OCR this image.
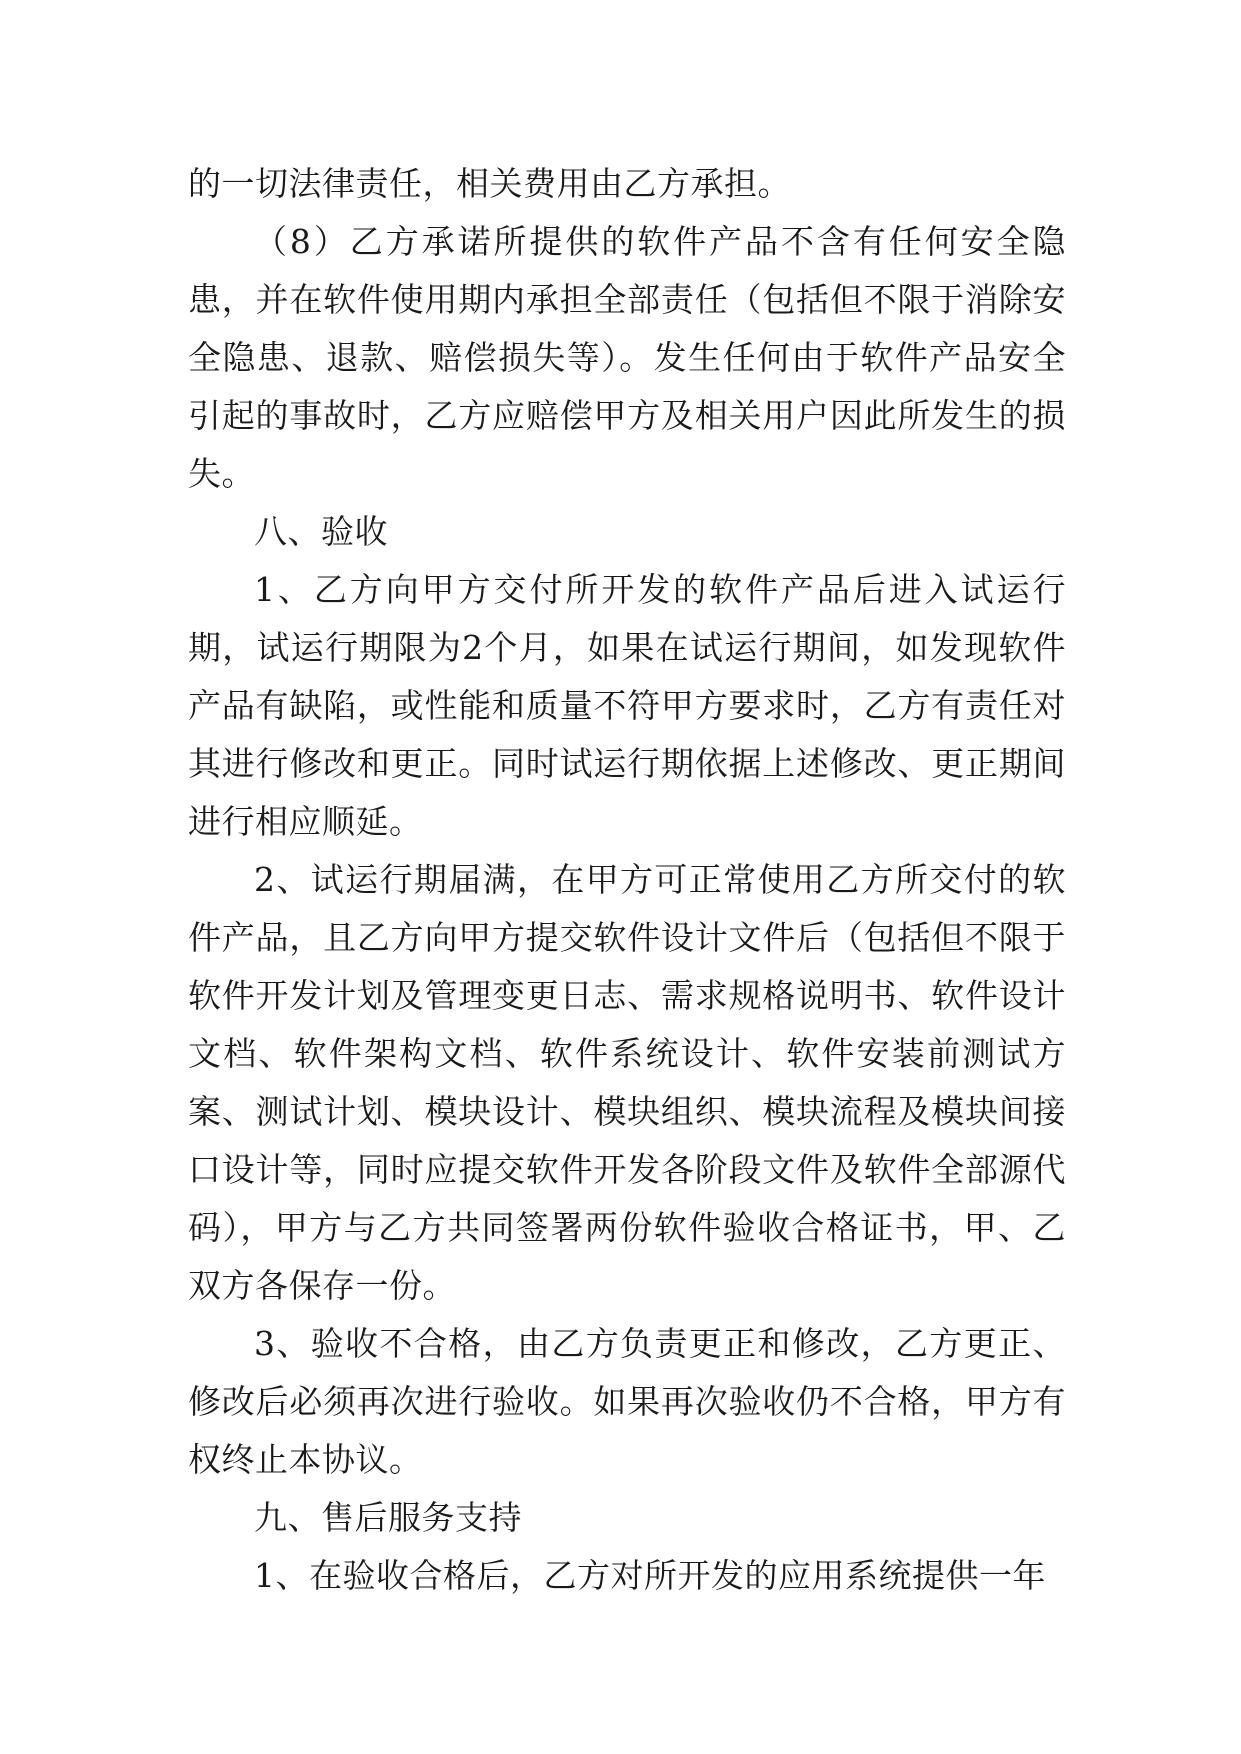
的一切法律责任，相关费用由乙方承担。

（8）乙方承诺所提供的软件产品不含有任何安全隐患，并在软件使用期内承担全部责任（包括但不限于消除安全隐患、退款、赔偿损失等）。发生任何由于软件产品安全引起的事故时，乙方应赔偿甲方及相关用户因此所发生的损失。

八、验收

1、乙方向甲方交付所开发的软件产品后进入试运行期，试运行期限为2个月，如果在试运行期间，如发现软件产品有缺陷，或性能和质量不符甲方要求时，乙方有责任对其进行修改和更正。同时试运行期依据上述修改、更正期间进行相应顺延。

2、试运行期届满，在甲方可正常使用乙方所交付的软件产品，且乙方向甲方提交软件设计文件后（包括但不限于软件开发计划及管理变更日志、需求规格说明书、软件设计文档、软件架构文档、软件系统设计、软件安装前测试方案、测试计划、模块设计、模块组织、模块流程及模块间接口设计等，同时应提交软件开发各阶段文件及软件全部源代码），甲方与乙方共同签署两份软件验收合格证书，甲、乙双方各保存一份。

3、验收不合格，由乙方负责更正和修改，乙方更正、修改后必须再次进行验收。如果再次验收仍不合格，甲方有权终止本协议。

九、售后服务支持

1、在验收合格后，乙方对所开发的应用系统提供一年
